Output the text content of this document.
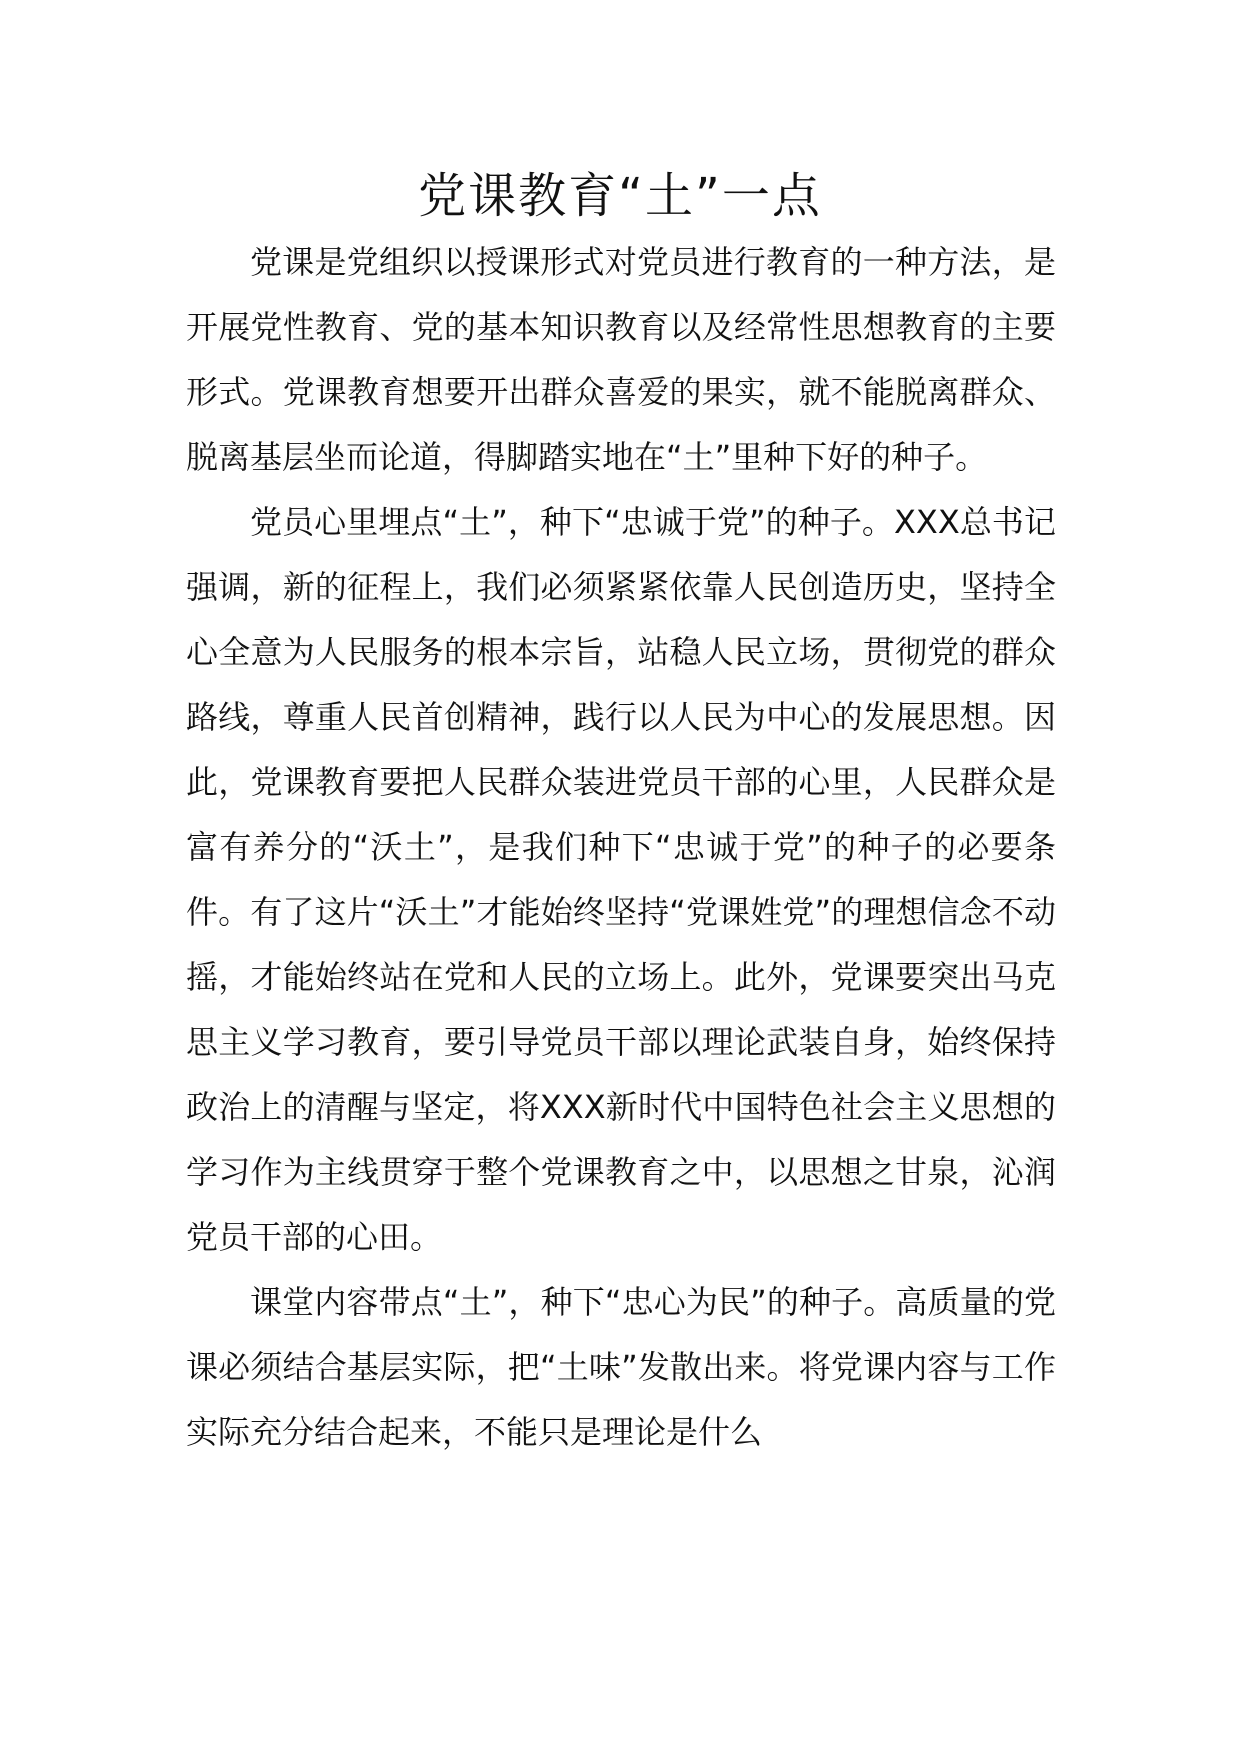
党课教育“土”一点

党课是党组织以授课形式对党员进行教育的一种方法，是开展党性教育、党的基本知识教育以及经常性思想教育的主要形式。党课教育想要开出群众喜爱的果实，就不能脱离群众、脱离基层坐而论道，得脚踏实地在“土”里种下好的种子。

党员心里埋点“土”，种下“忠诚于党”的种子。XXX总书记强调，新的征程上，我们必须紧紧依靠人民创造历史，坚持全心全意为人民服务的根本宗旨，站稳人民立场，贯彻党的群众路线，尊重人民首创精神，践行以人民为中心的发展思想。因此，党课教育要把人民群众装进党员干部的心里，人民群众是富有养分的“沃土”，是我们种下“忠诚于党”的种子的必要条件。有了这片“沃土”才能始终坚持“党课姓党”的理想信念不动摇，才能始终站在党和人民的立场上。此外，党课要突出马克思主义学习教育，要引导党员干部以理论武装自身，始终保持政治上的清醒与坚定，将XXX新时代中国特色社会主义思想的学习作为主线贯穿于整个党课教育之中，以思想之甘泉，沁润党员干部的心田。

课堂内容带点“土”，种下“忠心为民”的种子。高质量的党课必须结合基层实际，把“土味”发散出来。将党课内容与工作实际充分结合起来，不能只是理论是什么
